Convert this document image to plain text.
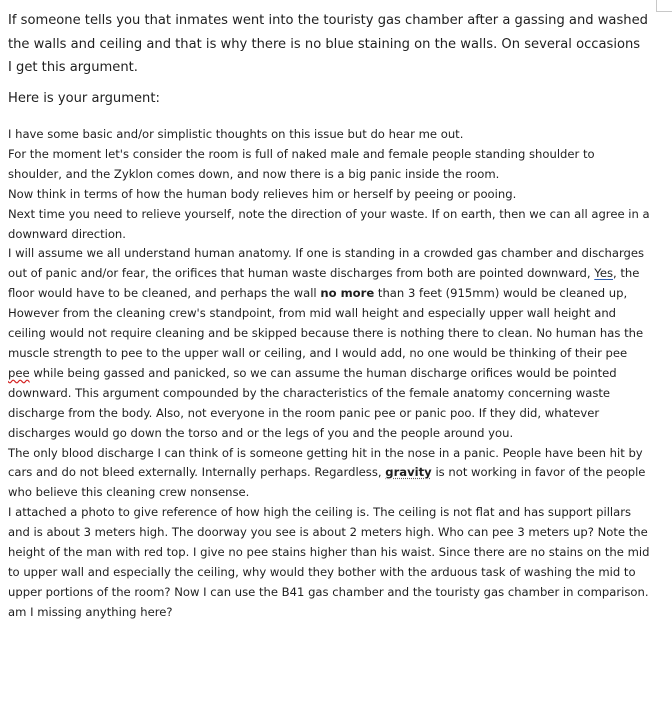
If someone tells you that inmates went into the touristy gas chamber after a gassing and washed the walls and ceiling and that is why there is no blue staining on the walls. On several occasions I get this argument.

Here is your argument:

I have some basic and/or simplistic thoughts on this issue but do hear me out.

For the moment let's consider the room is full of naked male and female people standing shoulder to shoulder, and the Zyklon comes down, and now there is a big panic inside the room.

Now think in terms of how the human body relieves him or herself by peeing or pooing.

Next time you need to relieve yourself, note the direction of your waste. If on earth, then we can all agree in a downward direction.

I will assume we all understand human anatomy. If one is standing in a crowded gas chamber and discharges out of panic and/or fear, the orifices that human waste discharges from both are pointed downward, Yes, the floor would have to be cleaned, and perhaps the wall no more than 3 feet (915mm) would be cleaned up, However from the cleaning crew's standpoint, from mid wall height and especially upper wall height and ceiling would not require cleaning and be skipped because there is nothing there to clean. No human has the muscle strength to pee to the upper wall or ceiling, and I would add, no one would be thinking of their pee pee while being gassed and panicked, so we can assume the human discharge orifices would be pointed downward. This argument compounded by the characteristics of the female anatomy concerning waste discharge from the body. Also, not everyone in the room panic pee or panic poo. If they did, whatever discharges would go down the torso and or the legs of you and the people around you.

The only blood discharge I can think of is someone getting hit in the nose in a panic. People have been hit by cars and do not bleed externally. Internally perhaps. Regardless, gravity is not working in favor of the people who believe this cleaning crew nonsense.

I attached a photo to give reference of how high the ceiling is. The ceiling is not flat and has support pillars and is about 3 meters high. The doorway you see is about 2 meters high. Who can pee 3 meters up? Note the height of the man with red top. I give no pee stains higher than his waist. Since there are no stains on the mid to upper wall and especially the ceiling, why would they bother with the arduous task of washing the mid to upper portions of the room? Now I can use the B41 gas chamber and the touristy gas chamber in comparison.

am I missing anything here?
